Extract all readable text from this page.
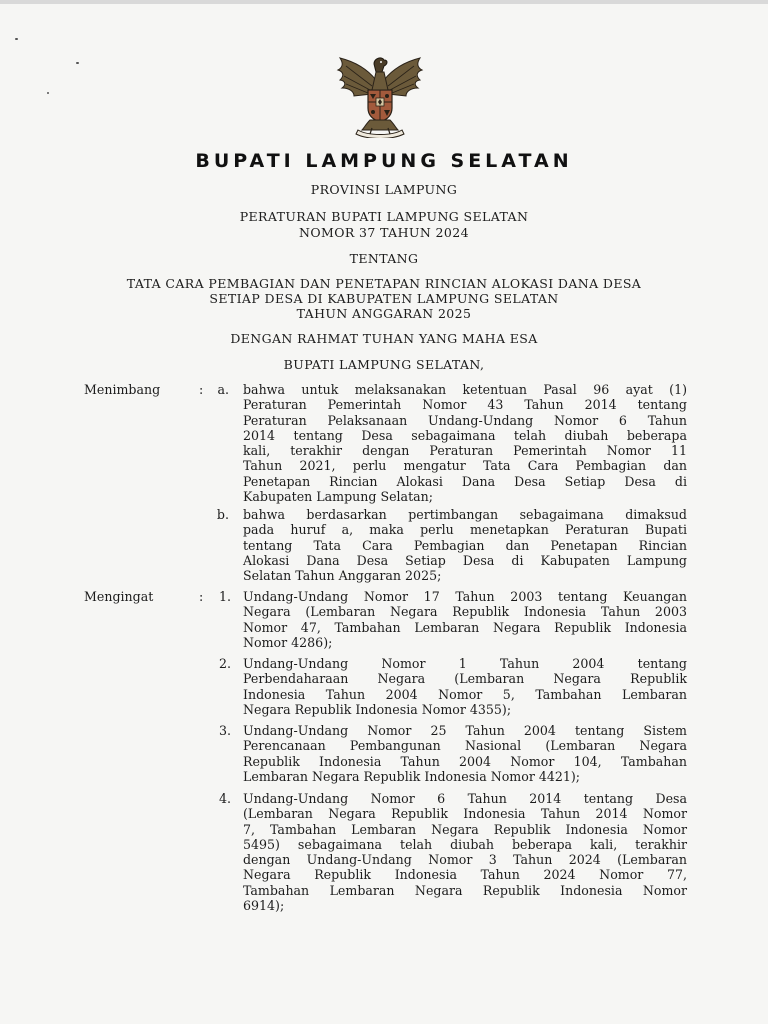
BUPATI LAMPUNG SELATAN
PROVINSI LAMPUNG
PERATURAN BUPATI LAMPUNG SELATAN
NOMOR 37 TAHUN 2024
TENTANG
TATA CARA PEMBAGIAN DAN PENETAPAN RINCIAN ALOKASI DANA DESA
SETIAP DESA DI KABUPATEN LAMPUNG SELATAN
TAHUN ANGGARAN 2025
DENGAN RAHMAT TUHAN YANG MAHA ESA
BUPATI LAMPUNG SELATAN,
Menimbang	:	a. bahwa untuk melaksanakan ketentuan Pasal 96 ayat (1)
Peraturan Pemerintah Nomor 43 Tahun 2014 tentang
Peraturan Pelaksanaan Undang-Undang Nomor 6 Tahun
2014 tentang Desa sebagaimana telah diubah beberapa
kali, terakhir dengan Peraturan Pemerintah Nomor 11
Tahun 2021, perlu mengatur Tata Cara Pembagian dan
Penetapan Rincian Alokasi Dana Desa Setiap Desa di
Kabupaten Lampung Selatan;
b. bahwa berdasarkan pertimbangan sebagaimana dimaksud
pada huruf a, maka perlu menetapkan Peraturan Bupati
tentang Tata Cara Pembagian dan Penetapan Rincian
Alokasi Dana Desa Setiap Desa di Kabupaten Lampung
Selatan Tahun Anggaran 2025;
Mengingat	:	1. Undang-Undang Nomor 17 Tahun 2003 tentang Keuangan
Negara (Lembaran Negara Republik Indonesia Tahun 2003
Nomor 47, Tambahan Lembaran Negara Republik Indonesia
Nomor 4286);
2. Undang-Undang Nomor 1 Tahun 2004 tentang
Perbendaharaan Negara (Lembaran Negara Republik
Indonesia Tahun 2004 Nomor 5, Tambahan Lembaran
Negara Republik Indonesia Nomor 4355);
3. Undang-Undang Nomor 25 Tahun 2004 tentang Sistem
Perencanaan Pembangunan Nasional (Lembaran Negara
Republik Indonesia Tahun 2004 Nomor 104, Tambahan
Lembaran Negara Republik Indonesia Nomor 4421);
4. Undang-Undang Nomor 6 Tahun 2014 tentang Desa
(Lembaran Negara Republik Indonesia Tahun 2014 Nomor
7, Tambahan Lembaran Negara Republik Indonesia Nomor
5495) sebagaimana telah diubah beberapa kali, terakhir
dengan Undang-Undang Nomor 3 Tahun 2024 (Lembaran
Negara Republik Indonesia Tahun 2024 Nomor 77,
Tambahan Lembaran Negara Republik Indonesia Nomor
6914);
